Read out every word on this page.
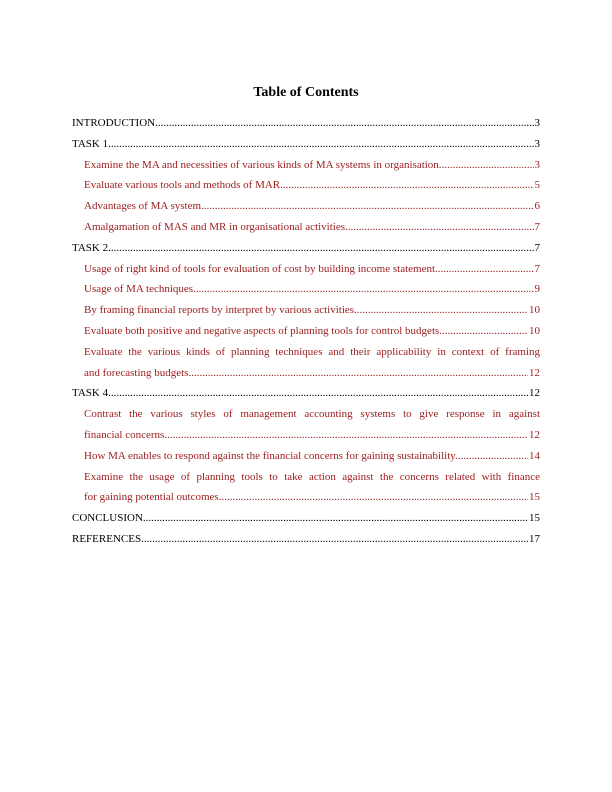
Table of Contents
INTRODUCTION .....	3
TASK 1 .....	3
Examine the MA and necessities of various kinds of MA systems in organisation. .....	3
Evaluate various tools and methods of MAR. .....	5
Advantages of MA system .....	6
Amalgamation of MAS and MR in organisational activities. .....	7
TASK 2 .....	7
Usage of right kind of tools for evaluation of cost by building income statement. .....	7
Usage of MA techniques .....	9
By framing financial reports by interpret by various activities. .....	10
Evaluate both positive and negative aspects of planning tools for control budgets. .....	10
Evaluate the various kinds of planning techniques and their applicability in context of framing
and forecasting budgets. .....	12
TASK 4 .....	12
Contrast the various styles of management accounting systems to give response in against
financial concerns. .....	12
How MA enables to respond against the financial concerns for gaining sustainability. .....	14
Examine the usage of planning tools to take action against the concerns related with finance
for gaining potential outcomes .....	15
CONCLUSION .....	15
REFERENCES .....	17
